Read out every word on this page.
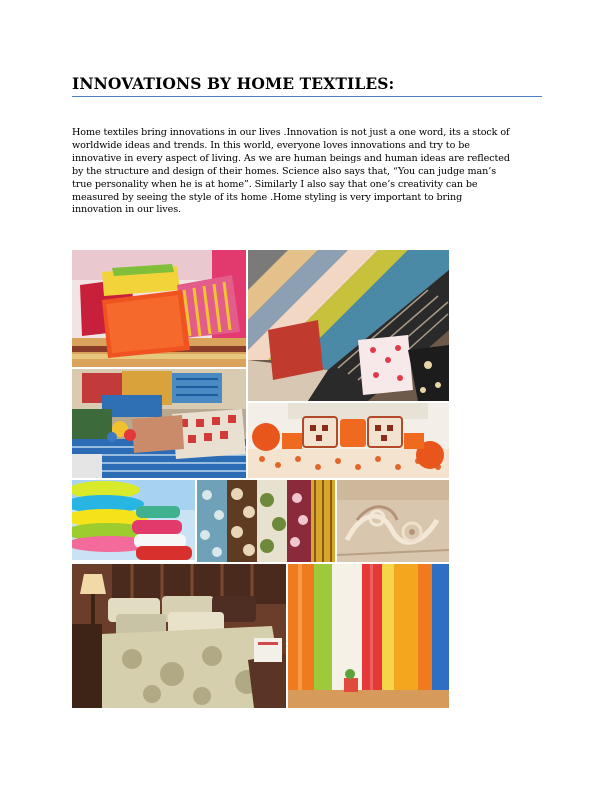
INNOVATIONS BY HOME TEXTILES:
Home textiles bring innovations in our lives .Innovation is not just a one word, its a stock of
worldwide ideas and trends. In this world, everyone loves innovations and try to be
innovative in every aspect of living. As we are human beings and human ideas are reflected
by the structure and design of their homes. Science also says that, “You can judge man’s
true personality when he is at home”. Similarly I also say that one’s creativity can be
measured by seeing the style of its home .Home styling is very important to bring
innovation in our lives.
